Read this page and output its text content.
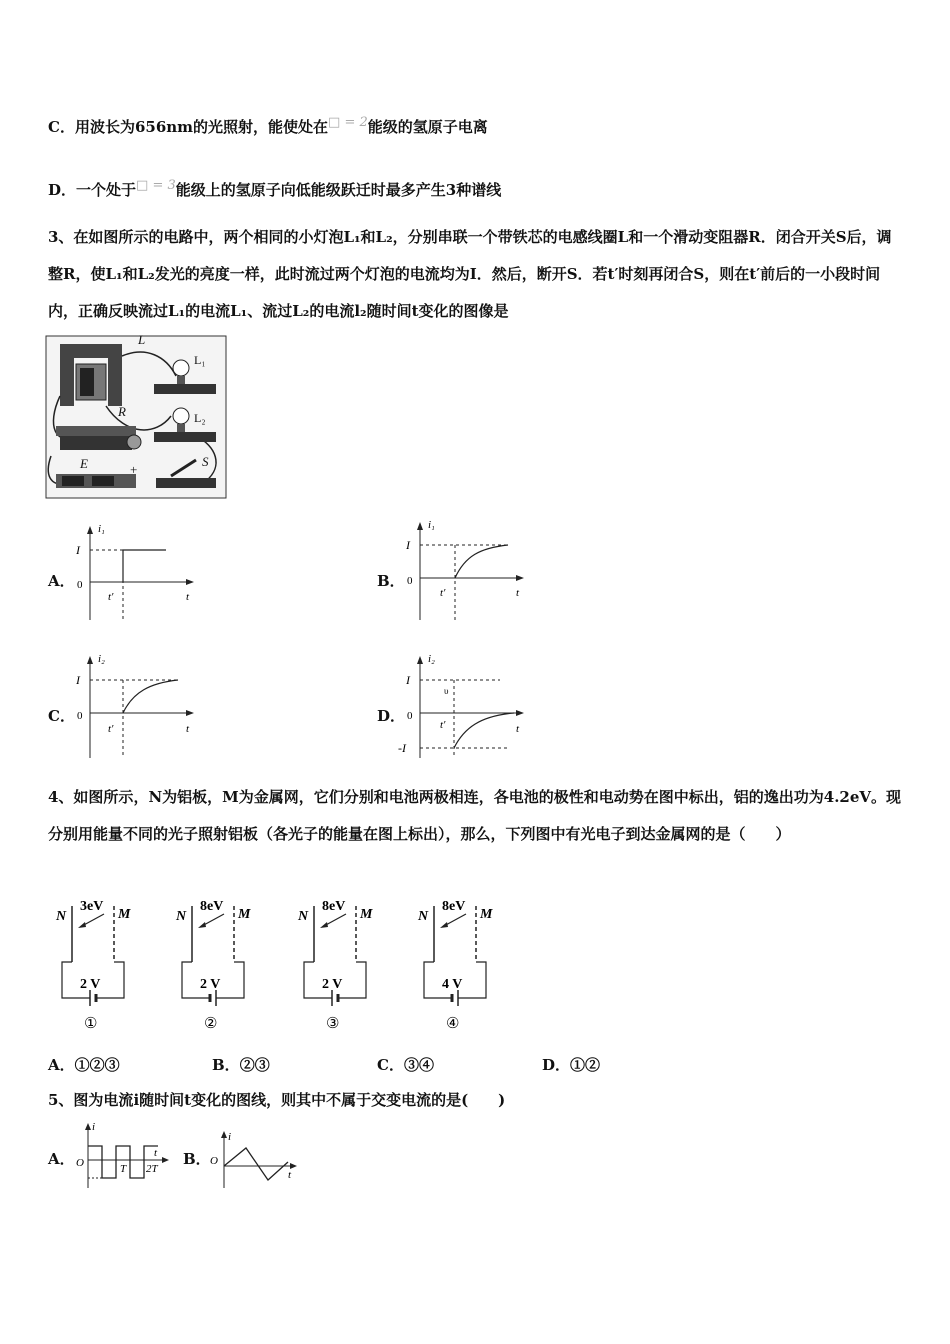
C．用波长为656nm的光照射，能使处在□ = 2能级的氢原子电离
D．一个处于□ = 3能级上的氢原子向低能级跃迁时最多产生3种谱线
3、在如图所示的电路中，两个相同的小灯泡L₁和L₂，分别串联一个带铁芯的电感线圈L和一个滑动变阻器R．闭合开关S后，调整R，使L₁和L₂发光的亮度一样，此时流过两个灯泡的电流均为I．然后，断开S．若t′时刻再闭合S，则在t′前后的一小段时间内，正确反映流过L₁的电流L₁、流过L₂的电流l₂随时间t变化的图像是
L
L₁
L₂
R
E	+
S
A．
i₁
I
0
t′	t
B．
i₁
I
0
t′	t
C．
i₂
I
0
t′	t
D．
i₂
I
υ
0
t′	t
-I
4、如图所示，N为铝板，M为金属网，它们分别和电池两极相连，各电池的极性和电动势在图中标出，铝的逸出功为4.2eV。现分别用能量不同的光子照射铝板（各光子的能量在图上标出），那么，下列图中有光电子到达金属网的是（　　）
N	M
3eV
2 V
①
N	M
8eV
2 V
②
N	M
8eV
2 V
③
N	M
8eV
4 V
④
A．①②③	B．②③	C．③④	D．①②
5、图为电流i随时间t变化的图线，则其中不属于交变电流的是(　　)
A．
i
O
t
T 2T
B．
i
O
t
